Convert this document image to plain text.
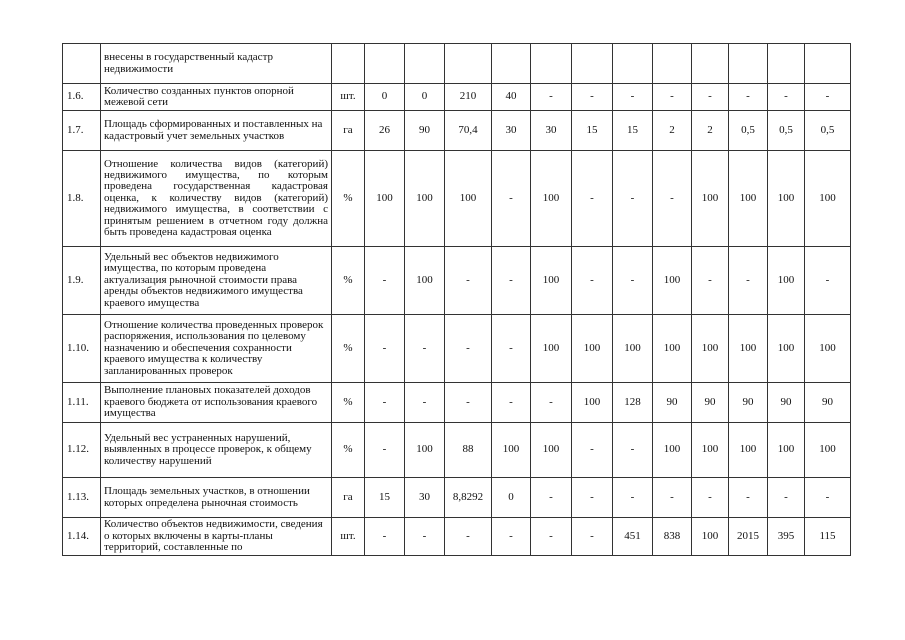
	внесены в государственный кадастр недвижимости													
1.6.	Количество созданных пунктов опорной межевой сети	шт.	0	0	210	40	-	-	-	-	-	-	-	-
1.7.	Площадь сформированных и поставленных на кадастровый учет земельных участков	га	26	90	70,4	30	30	15	15	2	2	0,5	0,5	0,5
1.8.	Отношение количества видов (категорий) недвижимого имущества, по которым проведена государственная кадастровая оценка, к количеству видов (категорий) недвижимого имущества, в соответствии с принятым решением в отчетном году должна быть проведена кадастровая оценка	%	100	100	100	-	100	-	-	-	100	100	100	100
1.9.	Удельный вес объектов недвижимого имущества, по которым проведена актуализация рыночной стоимости права аренды объектов недвижимого имущества краевого имущества	%	-	100	-	-	100	-	-	100	-	-	100	-
1.10.	Отношение количества проведенных проверок распоряжения, использования по целевому назначению и обеспечения сохранности краевого имущества к количеству запланированных проверок	%	-	-	-	-	100	100	100	100	100	100	100	100
1.11.	Выполнение плановых показателей доходов краевого бюджета от использования краевого имущества	%	-	-	-	-	-	100	128	90	90	90	90	90
1.12.	Удельный вес устраненных нарушений, выявленных в процессе проверок, к общему количеству нарушений	%	-	100	88	100	100	-	-	100	100	100	100	100
1.13.	Площадь земельных участков, в отношении которых определена рыночная стоимость	га	15	30	8,8292	0	-	-	-	-	-	-	-	-
1.14.	Количество объектов недвижимости, сведения о которых включены в карты-планы территорий, составленные по	шт.	-	-	-	-	-	-	451	838	100	2015	395	115
